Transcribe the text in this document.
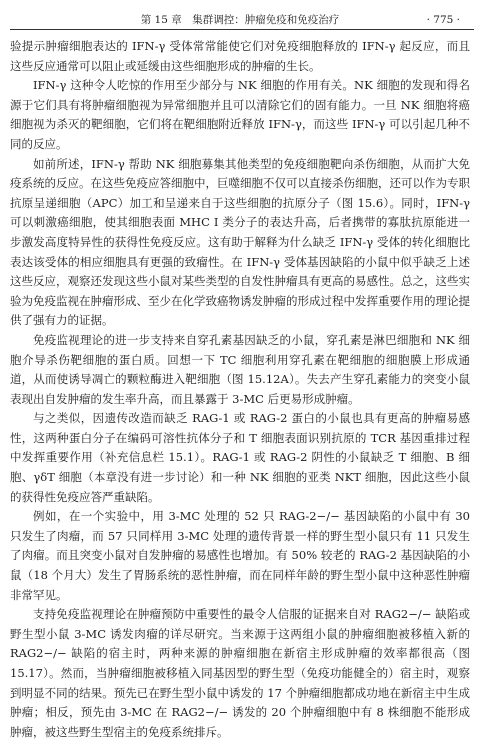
第 15 章　集群调控：肿瘤免疫和免疫治疗	· 775 ·

验提示肿瘤细胞表达的 IFN-γ 受体常常能使它们对免疫细胞释放的 IFN-γ 起反应，而且这些反应通常可以阻止或延缓由这些细胞形成的肿瘤的生长。

IFN-γ 这种令人吃惊的作用至少部分与 NK 细胞的作用有关。NK 细胞的发现和得名源于它们具有将肿瘤细胞视为异常细胞并且可以清除它们的固有能力。一旦 NK 细胞将癌细胞视为杀灭的靶细胞，它们将在靶细胞附近释放 IFN-γ，而这些 IFN-γ 可以引起几种不同的反应。

如前所述，IFN-γ 帮助 NK 细胞募集其他类型的免疫细胞靶向杀伤细胞，从而扩大免疫系统的反应。在这些免疫应答细胞中，巨噬细胞不仅可以直接杀伤细胞，还可以作为专职抗原呈递细胞（APC）加工和呈递来自于这些细胞的抗原分子（图 15.6）。同时，IFN-γ 可以刺激癌细胞，使其细胞表面 MHC I 类分子的表达升高，后者携带的寡肽抗原能进一步激发高度特异性的获得性免疫反应。这有助于解释为什么缺乏 IFN-γ 受体的转化细胞比表达该受体的相应细胞具有更强的致瘤性。在 IFN-γ 受体基因缺陷的小鼠中似乎缺乏上述这些反应，观察还发现这些小鼠对某些类型的自发性肿瘤具有更高的易感性。总之，这些实验为免疫监视在肿瘤形成、至少在化学致癌物诱发肿瘤的形成过程中发挥重要作用的理论提供了强有力的证据。

免疫监视理论的进一步支持来自穿孔素基因缺乏的小鼠，穿孔素是淋巴细胞和 NK 细胞介导杀伤靶细胞的蛋白质。回想一下 TC 细胞利用穿孔素在靶细胞的细胞膜上形成通道，从而使诱导凋亡的颗粒酶进入靶细胞（图 15.12A）。失去产生穿孔素能力的突变小鼠表现出自发肿瘤的发生率升高，而且暴露于 3-MC 后更易形成肿瘤。

与之类似，因遗传改造而缺乏 RAG-1 或 RAG-2 蛋白的小鼠也具有更高的肿瘤易感性，这两种蛋白分子在编码可溶性抗体分子和 T 细胞表面识别抗原的 TCR 基因重排过程中发挥重要作用（补充信息栏 15.1）。RAG-1 或 RAG-2 阴性的小鼠缺乏 T 细胞、B 细胞、γδT 细胞（本章没有进一步讨论）和一种 NK 细胞的亚类 NKT 细胞，因此这些小鼠的获得性免疫应答严重缺陷。

例如，在一个实验中，用 3-MC 处理的 52 只 RAG-2−/− 基因缺陷的小鼠中有 30 只发生了肉瘤，而 57 只同样用 3-MC 处理的遗传背景一样的野生型小鼠只有 11 只发生了肉瘤。而且突变小鼠对自发肿瘤的易感性也增加。有 50% 较老的 RAG-2 基因缺陷的小鼠（18 个月大）发生了胃肠系统的恶性肿瘤，而在同样年龄的野生型小鼠中这种恶性肿瘤非常罕见。

支持免疫监视理论在肿瘤预防中重要性的最令人信服的证据来自对 RAG2−/− 缺陷或野生型小鼠 3-MC 诱发肉瘤的详尽研究。当来源于这两组小鼠的肿瘤细胞被移植入新的 RAG2−/− 缺陷的宿主时，两种来源的肿瘤细胞在新宿主形成肿瘤的效率都很高（图 15.17）。然而，当肿瘤细胞被移植入同基因型的野生型（免疫功能健全的）宿主时，观察到明显不同的结果。预先已在野生型小鼠中诱发的 17 个肿瘤细胞都成功地在新宿主中生成肿瘤；相反，预先由 3-MC 在 RAG2−/− 诱发的 20 个肿瘤细胞中有 8 株细胞不能形成肿瘤，被这些野生型宿主的免疫系统排斥。
